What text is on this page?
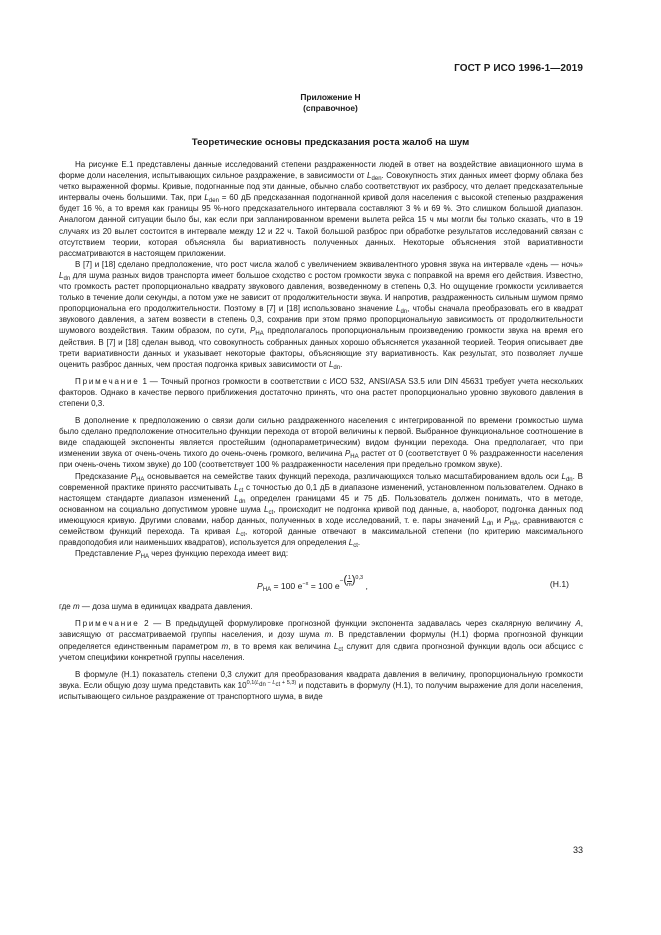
ГОСТ Р ИСО 1996-1—2019
Приложение Н
(справочное)
Теоретические основы предсказания роста жалоб на шум

На рисунке Е.1 представлены данные исследований степени раздраженности людей в ответ на воздействие авиационного шума в форме доли населения, испытывающих сильное раздражение, в зависимости от $L_{den}$. Совокупность этих данных имеет форму облака без четко выраженной формы. Кривые, подогнанные под эти данные, обычно слабо соответствуют их разбросу, что делает предсказательные интервалы очень большими. Так, при $L_{den} = 60$ дБ предсказанная подогнанной кривой доля населения с высокой степенью раздражения будет 16 %, а то время как границы 95 %-ного предсказательного интервала составляют 3 % и 69 %. Это слишком большой диапазон. Аналогом данной ситуации было бы, как если при запланированном времени вылета рейса 15 ч мы могли бы только сказать, что в 19 случаях из 20 вылет состоится в интервале между 12 и 22 ч. Такой большой разброс при обработке результатов исследований связан с отсутствием теории, которая объясняла бы вариативность полученных данных. Некоторые объяснения этой вариативности рассматриваются в настоящем приложении.

В [7] и [18] сделано предположение, что рост числа жалоб с увеличением эквивалентного уровня звука на интервале «день — ночь» $L_{dn}$ для шума разных видов транспорта имеет большое сходство с ростом громкости звука с поправкой на время его действия. Известно, что громкость растет пропорционально квадрату звукового давления, возведенному в степень 0,3. Но ощущение громкости усиливается только в течение доли секунды, а потом уже не зависит от продолжительности звука. И напротив, раздраженность сильным шумом прямо пропорциональна его продолжительности. Поэтому в [7] и [18] использовано значение $L_{dn}$, чтобы сначала преобразовать его в квадрат звукового давления, а затем возвести в степень 0,3, сохранив при этом прямо пропорциональную зависимость от продолжительности шумового воздействия. Таким образом, по сути, $P_{HA}$ предполагалось пропорциональным произведению громкости звука на время его действия. В [7] и [18] сделан вывод, что совокупность собранных данных хорошо объясняется указанной теорией. Теория описывает две трети вариативности данных и указывает некоторые факторы, объясняющие эту вариативность. Как результат, это позволяет лучше оценить разброс данных, чем простая подгонка кривых зависимости от $L_{dn}$.

Примечание 1 — Точный прогноз громкости в соответствии с ИСО 532, ANSI/ASA S3.5 или DIN 45631 требует учета нескольких факторов. Однако в качестве первого приближения достаточно принять, что она растет пропорционально уровню звукового давления в степени 0,3.

В дополнение к предположению о связи доли сильно раздраженного населения с интегрированной по времени громкостью шума было сделано предположение относительно функции перехода от второй величины к первой. Выбранное функциональное соотношение в виде спадающей экспоненты является простейшим (однопараметрическим) видом функции перехода. Она предполагает, что при изменении звука от очень-очень тихого до очень-очень громкого, величина $P_{HA}$ растет от 0 (соответствует 0 % раздраженности населения при очень-очень тихом звуке) до 100 (соответствует 100 % раздраженности населения при предельно громком звуке).

Предсказание $P_{HA}$ основывается на семействе таких функций перехода, различающихся только масштабированием вдоль оси $L_{dn}$. В современной практике принято рассчитывать $L_{ct}$ с точностью до 0,1 дБ в диапазоне изменений, установленном пользователем. Однако в настоящем стандарте диапазон изменений $L_{dn}$ определен границами 45 и 75 дБ. Пользователь должен понимать, что в методе, основанном на социально допустимом уровне шума $L_{ct}$, происходит не подгонка кривой под данные, а, наоборот, подгонка данных под имеющуюся кривую. Другими словами, набор данных, полученных в ходе исследований, т. е. пары значений $L_{dn}$ и $P_{HA}$, сравниваются с семейством функций перехода. Та кривая $L_{ct}$, которой данные отвечают в максимальной степени (по критерию максимального правдоподобия или наименьших квадратов), используется для определения $L_{ct}$.

Представление $P_{HA}$ через функцию перехода имеет вид:

$P_{HA} = 100$ $e^{-x} = 100$ $e-( \frac{1}{m} )^{0,3}$ ,	(Н.1)

где m — доза шума в единицах квадрата давления.

Примечание 2 — В предыдущей формулировке прогнозной функции экспонента задавалась через скалярную величину A, зависящую от рассматриваемой группы населения, и дозу шума m. В представлении формулы (Н.1) форма прогнозной функции определяется единственным параметром m, в то время как величина $L_{ct}$ служит для сдвига прогнозной функции вдоль оси абсцисс с учетом специфики конкретной группы населения.

В формуле (Н.1) показатель степени 0,3 служит для преобразования квадрата давления в величину, пропорциональную громкости звука. Если общую дозу шума представить как $10^{0,1(L_{dn} - L_{ct} + 5,3)}$ и подставить в формулу (Н.1), то получим выражение для доли населения, испытывающего сильное раздражение от транспортного шума, в виде

33
